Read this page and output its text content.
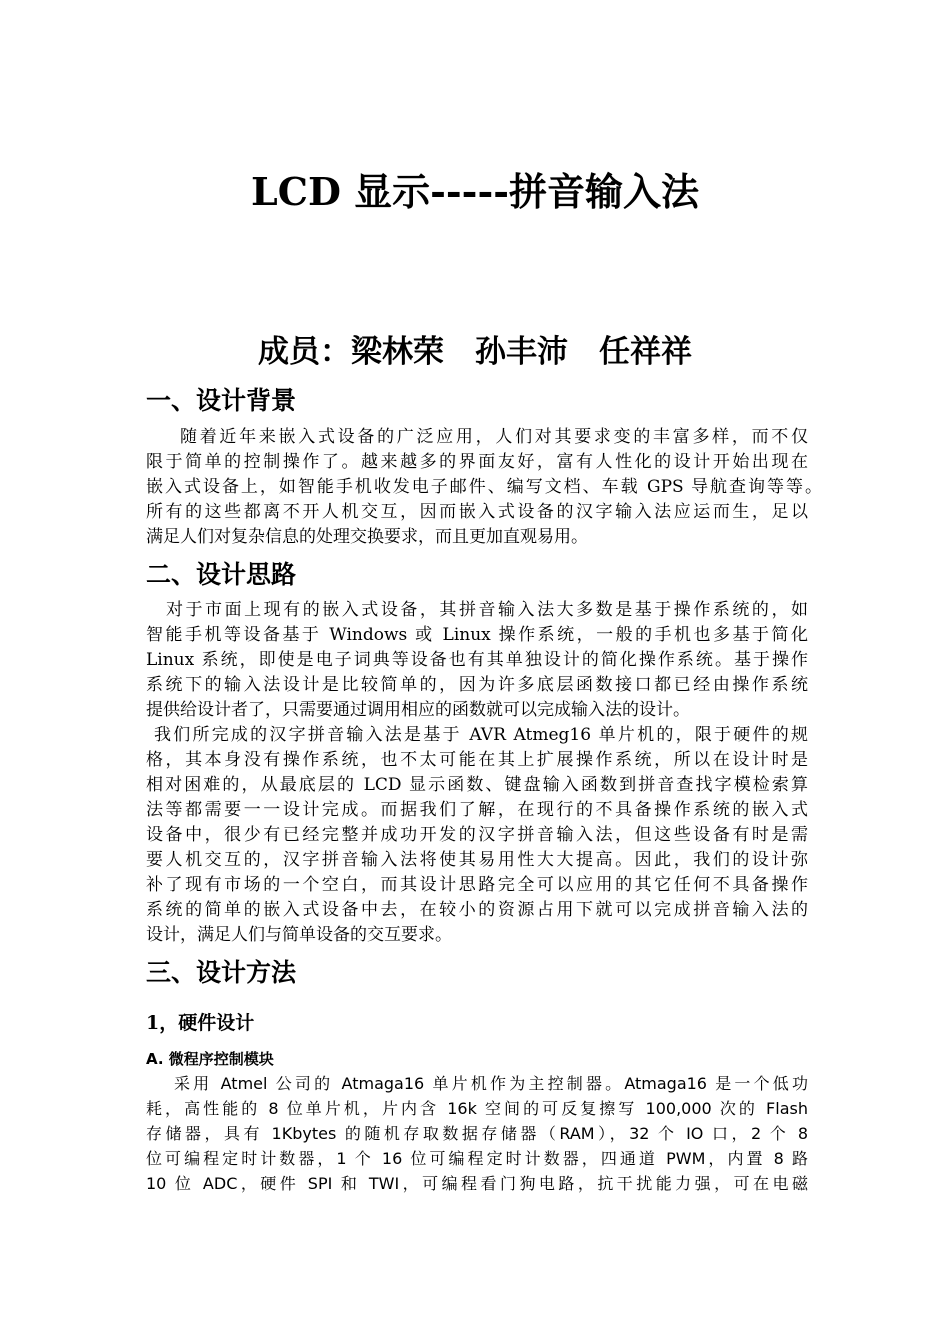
LCD 显示-----拼音输入法
成员：梁林荣　孙丰沛　任祥祥
一、设计背景
随着近年来嵌入式设备的广泛应用，人们对其要求变的丰富多样，而不仅
限于简单的控制操作了。越来越多的界面友好，富有人性化的设计开始出现在
嵌入式设备上，如智能手机收发电子邮件、编写文档、车载 GPS 导航查询等等。
所有的这些都离不开人机交互，因而嵌入式设备的汉字输入法应运而生，足以
满足人们对复杂信息的处理交换要求，而且更加直观易用。
二、设计思路
对于市面上现有的嵌入式设备，其拼音输入法大多数是基于操作系统的，如
智能手机等设备基于 Windows 或 Linux 操作系统，一般的手机也多基于简化
Linux 系统，即使是电子词典等设备也有其单独设计的简化操作系统。基于操作
系统下的输入法设计是比较简单的，因为许多底层函数接口都已经由操作系统
提供给设计者了，只需要通过调用相应的函数就可以完成输入法的设计。
我们所完成的汉字拼音输入法是基于 AVR Atmeg16 单片机的，限于硬件的规
格，其本身没有操作系统，也不太可能在其上扩展操作系统，所以在设计时是
相对困难的，从最底层的 LCD 显示函数、键盘输入函数到拼音查找字模检索算
法等都需要一一设计完成。而据我们了解，在现行的不具备操作系统的嵌入式
设备中，很少有已经完整并成功开发的汉字拼音输入法，但这些设备有时是需
要人机交互的，汉字拼音输入法将使其易用性大大提高。因此，我们的设计弥
补了现有市场的一个空白，而其设计思路完全可以应用的其它任何不具备操作
系统的简单的嵌入式设备中去，在较小的资源占用下就可以完成拼音输入法的
设计，满足人们与简单设备的交互要求。
三、设计方法
1，硬件设计
A. 微程序控制模块
采用 Atmel 公司的 Atmaga16 单片机作为主控制器。Atmaga16 是一个低功
耗，高性能的 8 位单片机，片内含 16k 空间的可反复擦写 100,000 次的 Flash
存储器，具有 1Kbytes 的随机存取数据存储器（RAM），32 个 IO 口，2 个 8
位可编程定时计数器，1 个 16 位可编程定时计数器，四通道 PWM，内置 8 路
10 位 ADC，硬件 SPI 和 TWI，可编程看门狗电路，抗干扰能力强，可在电磁
